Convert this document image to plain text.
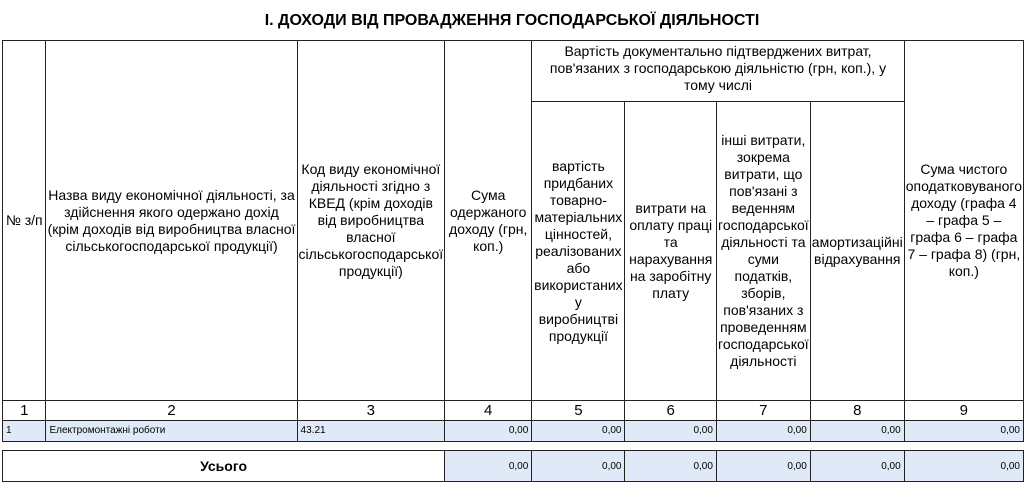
І. ДОХОДИ ВІД ПРОВАДЖЕННЯ ГОСПОДАРСЬКОЇ ДІЯЛЬНОСТІ
№ з/п	Назва виду економічної діяльності, за здійснення якого одержано дохід (крім доходів від виробництва власної сільськогосподарської продукції)	Код виду економічної діяльності згідно з КВЕД (крім доходів від виробництва власної сільськогосподарської продукції)	Сума одержаного доходу (грн, коп.)	Вартість документально підтверджених витрат, пов'язаних з господарською діяльністю (грн, коп.), у тому числі				Сума чистого оподатковуваного доходу (графа 4 – графа 5 – графа 6 – графа 7 – графа 8) (грн, коп.)
				вартість придбаних товарно-матеріальних цінностей, реалізованих або використаних у виробництві продукції	витрати на оплату праці та нарахування на заробітну плату	інші витрати, зокрема витрати, що пов'язані з веденням господарської діяльності та суми податків, зборів, пов'язаних з проведенням господарської діяльності	амортизаційні відрахування	
1	2	3	4	5	6	7	8	9
1	Електромонтажні роботи	43.21	0,00	0,00	0,00	0,00	0,00	0,00

Усього			0,00	0,00	0,00	0,00	0,00	0,00
